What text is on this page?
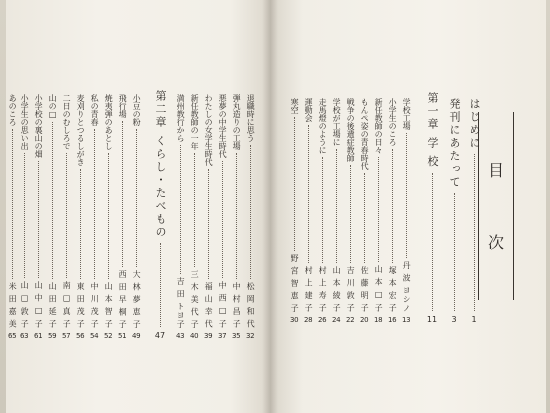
目
次
はじめに
1
発刊にあたって
3
第一章
学 校
11
学校工場
丹 波 ヨシノ
13
小学生のころ
塚 本 宏 子
16
新任教師の日々
山 本 □ 子
18
もんぺ姿の青春時代
佐 藤 明 子
20
戦争の後遺症教師
吉 川 敦 子
22
学校が工場に
山 本 綾 子
24
走馬燈のように
村 上 寿 子
26
運動会
村 上 建 子
28
寒空
野 宮 智 恵 子
30
退職時に思う
松 岡 和 代
32
弾丸造りの工場
中 村 昌 子
35
悪夢の中学生時代
中 西 □ 子
37
わたしの女学生時代
福 山 幸 代
39
新任教師の一年
三 木 美 代 子
40
満州教行から
吉 田 トヨ子
43
第二章
くらし・たべもの
47
小豆の粉
大 林 夢 恵 子
49
飛行場
西 田 早 桐 子
51
焼夷弾のあとし
山 本 智 子
52
私の青春
中 川 茂 子
54
麦刈りとつるしがき
東 田 茂 子
56
二日のむしろで
南 □ 真 子
57
山の□
山 田 延 子
59
小学校の裏山の畑
山 中 □ 子
61
小学生の思い出
山 □ 敦 子
63
あのころ
米 田 嘉 美
65
